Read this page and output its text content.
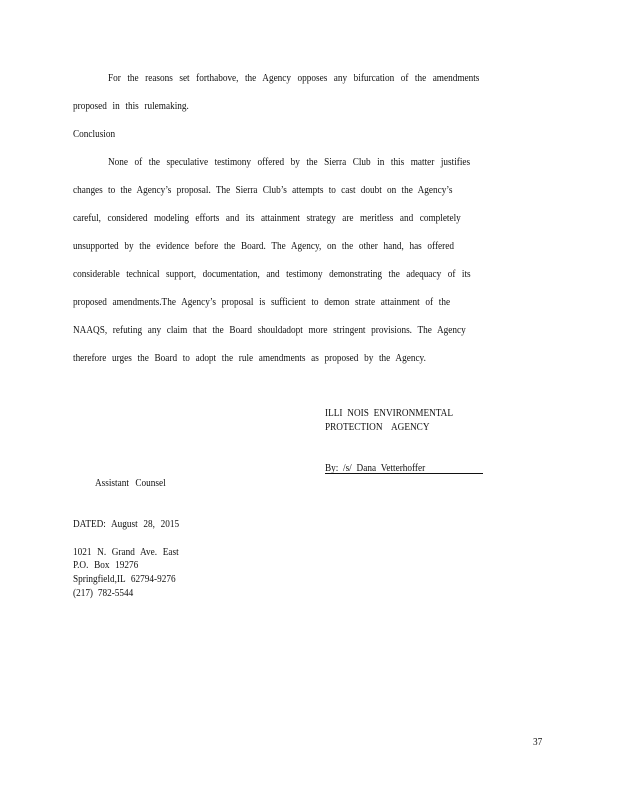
For the reasons set forthabove, the Agency opposes any bifurcation of the amendments
proposed in this rulemaking.
Conclusion
None of the speculative testimony offered by the Sierra Club in this matter justifies
changes to the Agency’s proposal. The Sierra Club’s attempts to cast doubt on the Agency’s
careful, considered modeling efforts and its attainment strategy are meritless and completely
unsupported by the evidence before the Board. The Agency, on the other hand, has offered
considerable technical support, documentation, and testimony demonstrating the adequacy of its
proposed amendments.The Agency’s proposal is sufficient to demon strate attainment of the
NAAQS, refuting any claim that the Board shouldadopt more stringent provisions. The Agency
therefore urges the Board to adopt the rule amendments as proposed by the Agency.
ILLI NOIS ENVIRONMENTAL
PROTECTION AGENCY
By: /s/ Dana Vetterhoffer
Assistant Counsel
DATED: August 28, 2015
1021 N. Grand Ave. East
P.O. Box 19276
Springfield,IL 62794-9276
(217) 782-5544
37
